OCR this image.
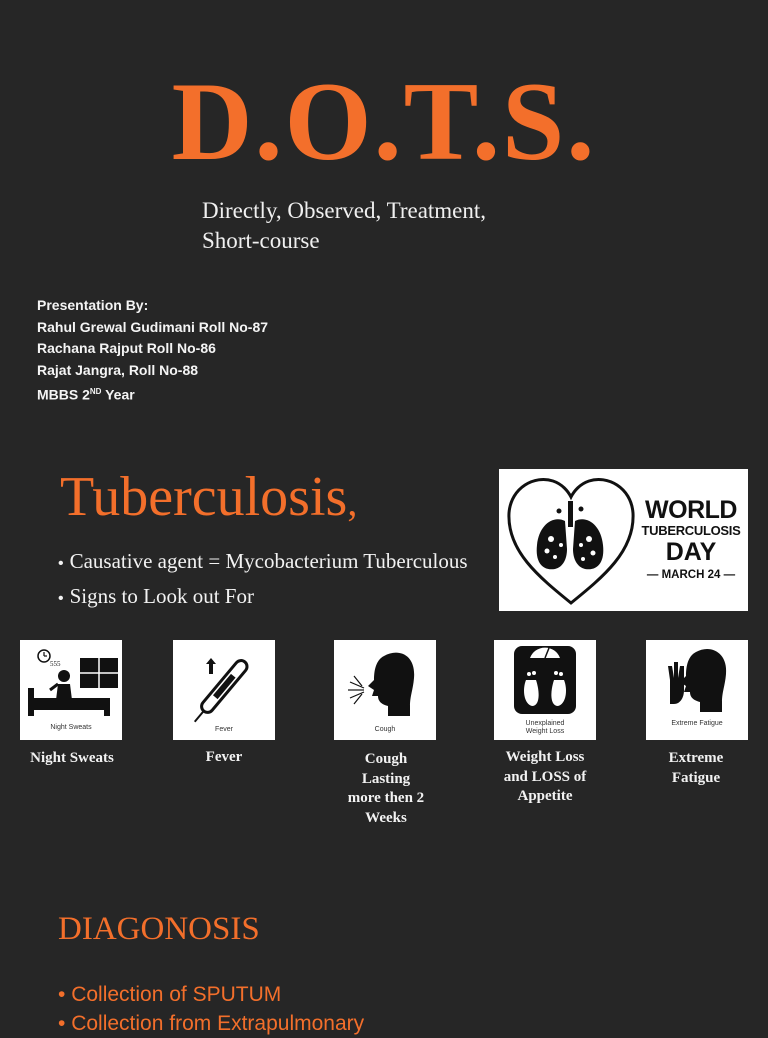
D.O.T.S.
Directly, Observed, Treatment,
Short-course
Presentation By:
Rahul Grewal Gudimani Roll No-87
Rachana Rajput Roll No-86
Rajat Jangra, Roll No-88
MBBS 2ND Year
Tuberculosis,
• Causative agent = Mycobacterium Tuberculous
• Signs to Look out For
WORLD
TUBERCULOSIS
DAY
— MARCH 24 —
555
Night Sweats	Fever	Cough
Unexplained Weight Loss
Extreme Fatigue
Night Sweats	Fever	Cough
Lasting
more then 2
Weeks
Weight Loss
and LOSS of
Appetite
Extreme
Fatigue
DIAGONOSIS
• Collection of SPUTUM
• Collection from Extrapulmonary
